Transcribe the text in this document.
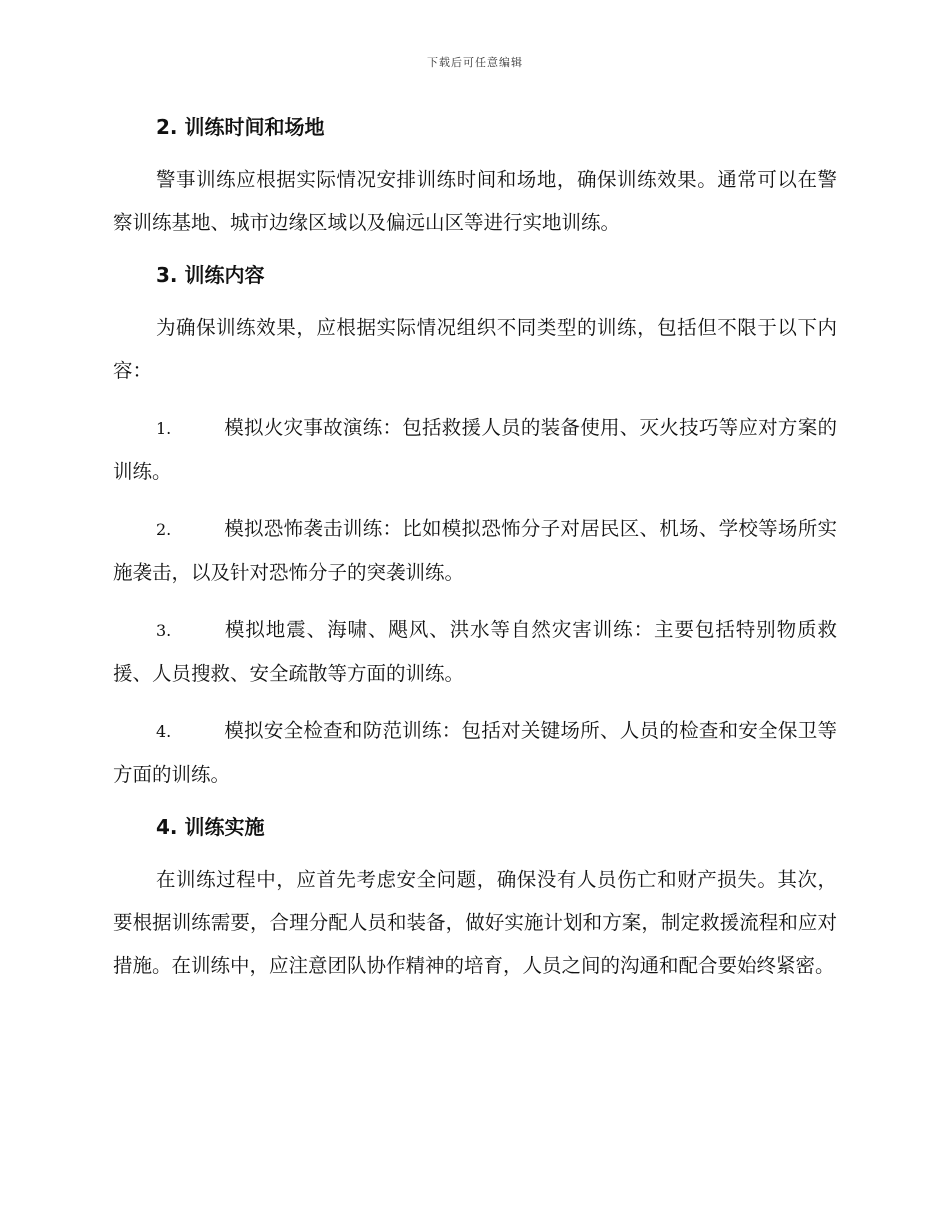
下载后可任意编辑
2. 训练时间和场地

警事训练应根据实际情况安排训练时间和场地，确保训练效果。通常可以在警察训练基地、城市边缘区域以及偏远山区等进行实地训练。

3. 训练内容

为确保训练效果，应根据实际情况组织不同类型的训练，包括但不限于以下内容：

1.	模拟火灾事故演练：包括救援人员的装备使用、灭火技巧等应对方案的训练。

2.	模拟恐怖袭击训练：比如模拟恐怖分子对居民区、机场、学校等场所实施袭击，以及针对恐怖分子的突袭训练。

3.	模拟地震、海啸、飓风、洪水等自然灾害训练：主要包括特别物质救援、人员搜救、安全疏散等方面的训练。

4.	模拟安全检查和防范训练：包括对关键场所、人员的检查和安全保卫等方面的训练。

4. 训练实施

在训练过程中，应首先考虑安全问题，确保没有人员伤亡和财产损失。其次，要根据训练需要，合理分配人员和装备，做好实施计划和方案，制定救援流程和应对措施。在训练中，应注意团队协作精神的培育，人员之间的沟通和配合要始终紧密。
